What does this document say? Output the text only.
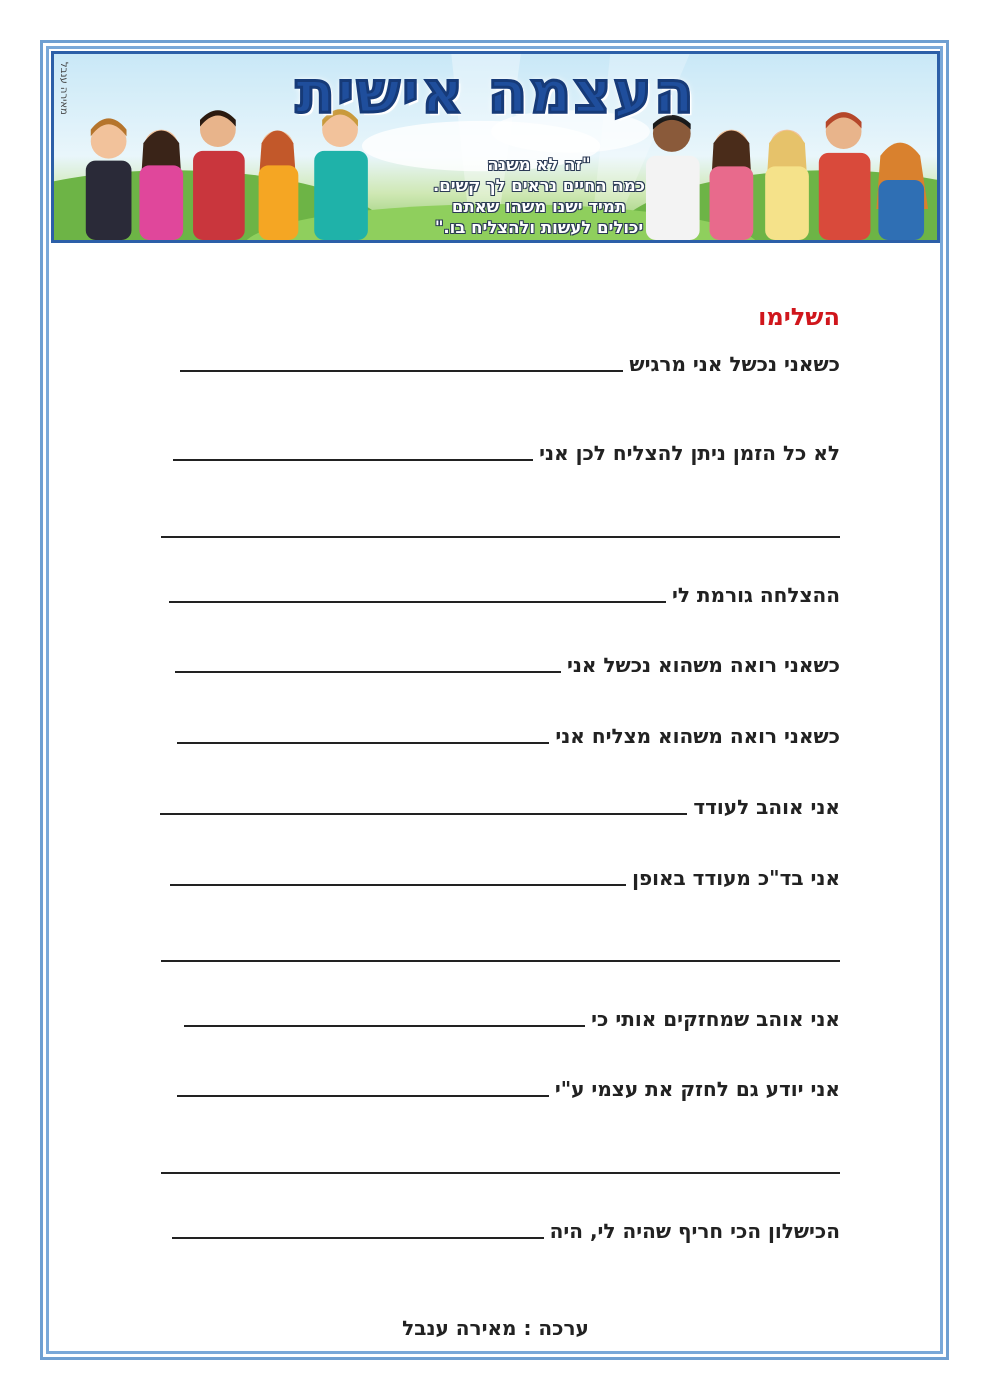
מאירה ענבל	העצמה אישית
"זה לא משנה
כמה החיים נראים לך קשים.
תמיד ישנו משהו שאתם
יכולים לעשות ולהצליח בו."
השלימו
כשאני נכשל אני מרגיש
לא כל הזמן ניתן להצליח לכן אני
ההצלחה גורמת לי
כשאני רואה משהוא נכשל אני
כשאני רואה משהוא מצליח אני
אני אוהב לעודד
אני בד"כ מעודד באופן
אני אוהב שמחזקים אותי כי
אני יודע גם לחזק את עצמי ע"י
הכישלון הכי חריף שהיה לי, היה
ערכה : מאירה ענבל
